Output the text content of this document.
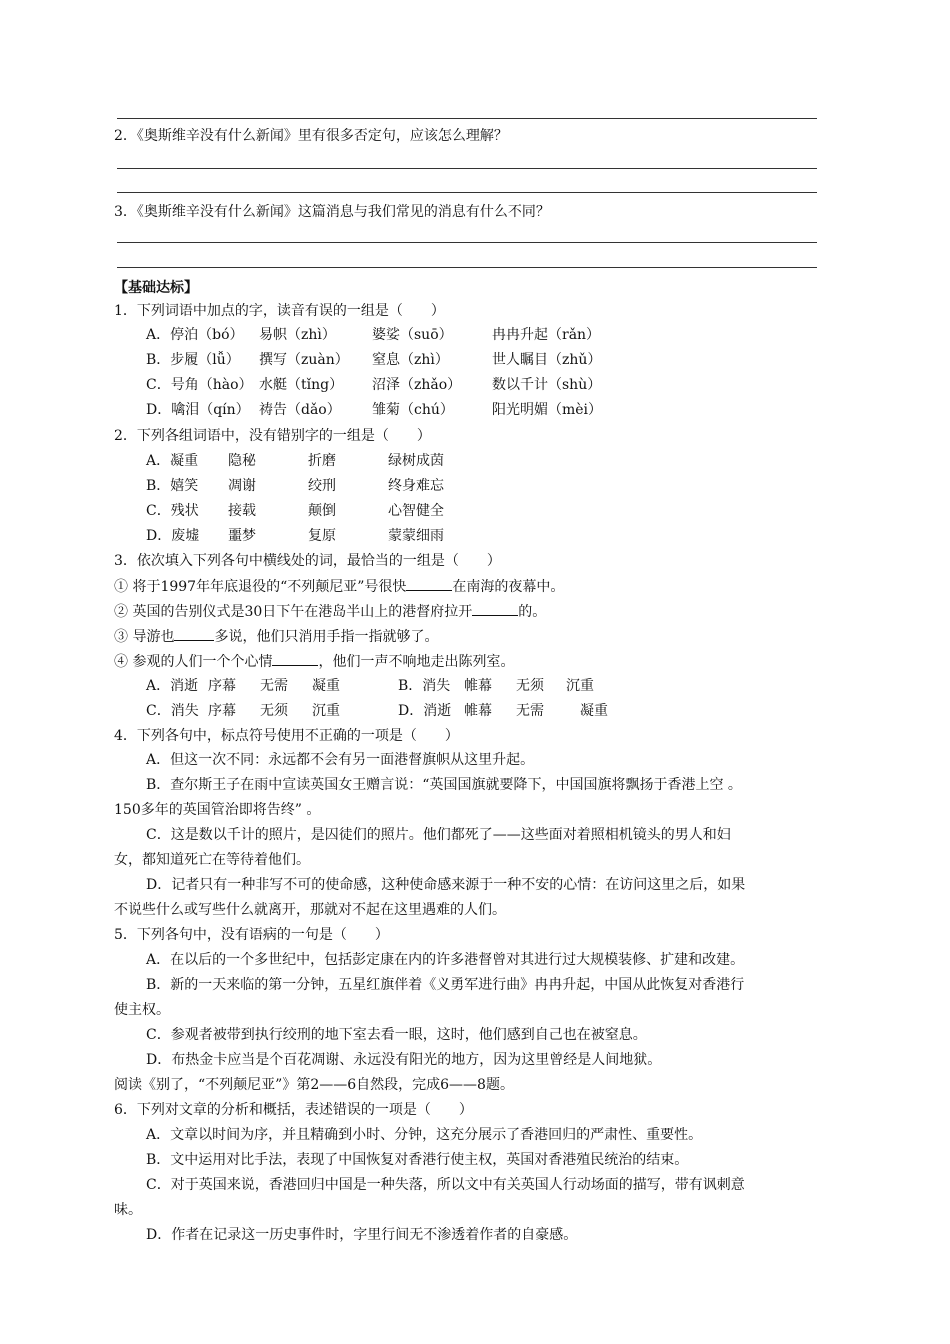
2．《奥斯维辛没有什么新闻》里有很多否定句，应该怎么理解？
3．《奥斯维辛没有什么新闻》这篇消息与我们常见的消息有什么不同？
【基础达标】
1．下列词语中加点的字，读音有误的一组是（　　）
A．停泊（bó） 易帜（zhì）	婆娑（suō）	冉冉升起（rǎn）
B．步履（lǚ） 撰写（zuàn） 窒息（zhì）	世人瞩目（zhǔ）
C．号角（hào） 水艇（tǐng） 沼泽（zhǎo） 数以千计（shù）
D．噙泪（qín） 祷告（dǎo） 雏菊（chú）	阳光明媚（mèi）
2．下列各组词语中，没有错别字的一组是（　　）
A．凝重 隐秘	折磨	绿树成茵
B．嬉笑 凋谢	绞刑	终身难忘
C．残状 接载	颠倒	心智健全
D．废墟 噩梦	复原	蒙蒙细雨
3．依次填入下列各句中横线处的词，最恰当的一组是（　　）
① 将于1997年年底退役的“不列颠尼亚”号很快	在南海的夜幕中。
② 英国的告别仪式是30日下午在港岛半山上的港督府拉开	的。
③ 导游也	多说，他们只消用手指一指就够了。
④ 参观的人们一个个心情	，他们一声不响地走出陈列室。
A．消逝 序幕 无需 凝重	B．消失 帷幕 无须 沉重
C．消失 序幕 无须 沉重	D．消逝 帷幕 无需	凝重
4．下列各句中，标点符号使用不正确的一项是（　　）
A．但这一次不同：永远都不会有另一面港督旗帜从这里升起。
B．查尔斯王子在雨中宣读英国女王赠言说：“英国国旗就要降下，中国国旗将飘扬于香港上空 。
150多年的英国管治即将告终” 。
C．这是数以千计的照片，是囚徒们的照片。他们都死了——这些面对着照相机镜头的男人和妇
女，都知道死亡在等待着他们。
D．记者只有一种非写不可的使命感，这种使命感来源于一种不安的心情：在访问这里之后，如果
不说些什么或写些什么就离开，那就对不起在这里遇难的人们。
5．下列各句中，没有语病的一句是（　　）
A．在以后的一个多世纪中，包括彭定康在内的许多港督曾对其进行过大规模装修、扩建和改建。
B．新的一天来临的第一分钟，五星红旗伴着《义勇军进行曲》冉冉升起，中国从此恢复对香港行
使主权。
C．参观者被带到执行绞刑的地下室去看一眼，这时，他们感到自己也在被窒息。
D．布热金卡应当是个百花凋谢、永远没有阳光的地方，因为这里曾经是人间地狱。
阅读《别了，“不列颠尼亚”》第2——6自然段，完成6——8题。
6．下列对文章的分析和概括，表述错误的一项是（　　）
A．文章以时间为序，并且精确到小时、分钟，这充分展示了香港回归的严肃性、重要性。
B．文中运用对比手法，表现了中国恢复对香港行使主权，英国对香港殖民统治的结束。
C．对于英国来说，香港回归中国是一种失落，所以文中有关英国人行动场面的描写，带有讽刺意
味。
D．作者在记录这一历史事件时，字里行间无不渗透着作者的自豪感。
